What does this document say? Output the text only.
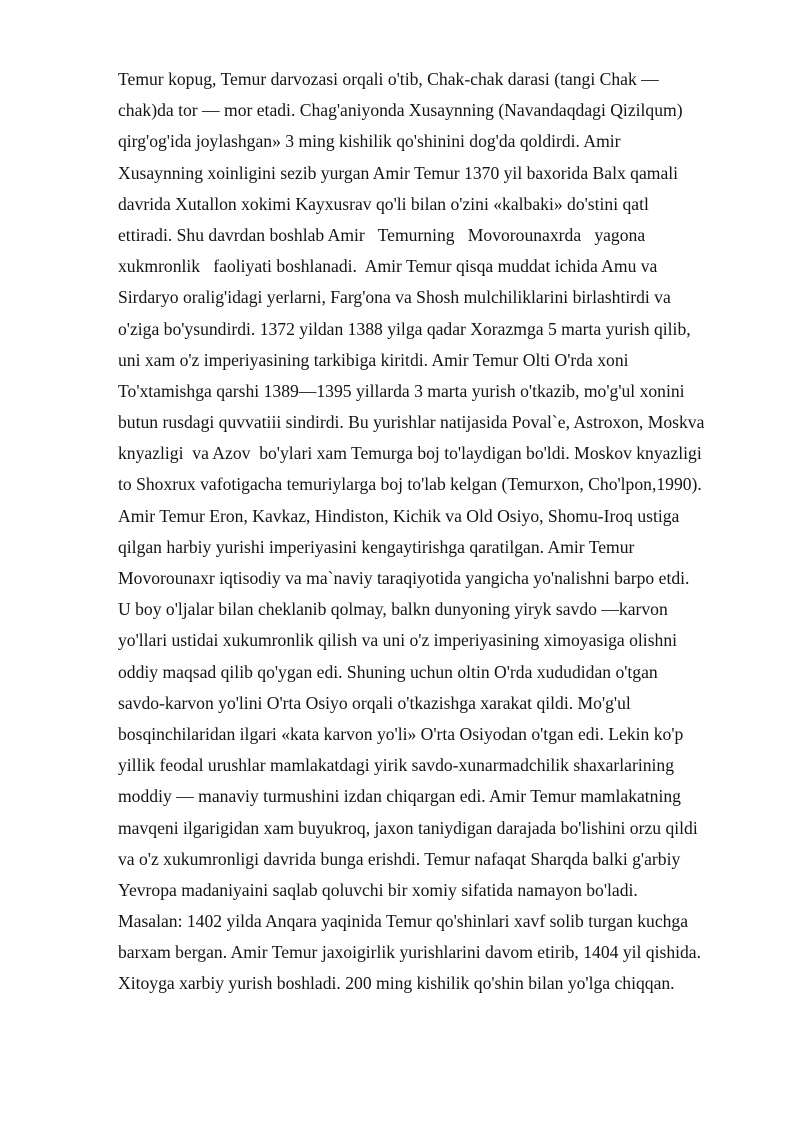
Temur kopug, Temur darvozasi orqali o'tib, Chak-chak darasi (tangi Chak —
chak)da tor — mor etadi. Chag'aniyonda Xusaynning (Navandaqdagi Qizilqum)
qirg'og'ida joylashgan» 3 ming kishilik qo'shinini dog'da qoldirdi. Amir
Xusaynning xoinligini sezib yurgan Amir Temur 1370 yil baxorida Balx qamali
davrida Xutallon xokimi Kayxusrav qo'li bilan o'zini «kalbaki» do'stini qatl
ettiradi. Shu davrdan boshlab Amir   Temurning   Movorounaxrda   yagona
xukmronlik   faoliyati boshlanadi.  Amir Temur qisqa muddat ichida Amu va
Sirdaryo oralig'idagi yerlarni, Farg'ona va Shosh mulchiliklarini birlashtirdi va
o'ziga bo'ysundirdi. 1372 yildan 1388 yilga qadar Xorazmga 5 marta yurish qilib,
uni xam o'z imperiyasining tarkibiga kiritdi. Amir Temur Olti O'rda xoni
To'xtamishga qarshi 1389—1395 yillarda 3 marta yurish o'tkazib, mo'g'ul xonini
butun rusdagi quvvatiii sindirdi. Bu yurishlar natijasida Poval`e, Astroxon, Moskva
knyazligi  va Azov  bo'ylari xam Temurga boj to'laydigan bo'ldi. Moskov knyazligi
to Shoxrux vafotigacha temuriylarga boj to'lab kelgan (Temurxon, Cho'lpon,1990).
Amir Temur Eron, Kavkaz, Hindiston, Kichik va Old Osiyo, Shomu-Iroq ustiga
qilgan harbiy yurishi imperiyasini kengaytirishga qaratilgan. Amir Temur
Movorounaxr iqtisodiy va ma`naviy taraqiyotida yangicha yo'nalishni barpo etdi.
U boy o'ljalar bilan cheklanib qolmay, balkn dunyoning yiryk savdo —karvon
yo'llari ustidai xukumronlik qilish va uni o'z imperiyasining ximoyasiga olishni
oddiy maqsad qilib qo'ygan edi. Shuning uchun oltin O'rda xududidan o'tgan
savdo-karvon yo'lini O'rta Osiyo orqali o'tkazishga xarakat qildi. Mo'g'ul
bosqinchilaridan ilgari «kata karvon yo'li» O'rta Osiyodan o'tgan edi. Lekin ko'p
yillik feodal urushlar mamlakatdagi yirik savdo-xunarmadchilik shaxarlarining
moddiy — manaviy turmushini izdan chiqargan edi. Amir Temur mamlakatning
mavqeni ilgarigidan xam buyukroq, jaxon taniydigan darajada bo'lishini orzu qildi
va o'z xukumronligi davrida bunga erishdi. Temur nafaqat Sharqda balki g'arbiy
Yevropa madaniyaini saqlab qoluvchi bir xomiy sifatida namayon bo'ladi.
Masalan: 1402 yilda Anqara yaqinida Temur qo'shinlari xavf solib turgan kuchga
barxam bergan. Amir Temur jaxoigirlik yurishlarini davom etirib, 1404 yil qishida.
Xitoyga xarbiy yurish boshladi. 200 ming kishilik qo'shin bilan yo'lga chiqqan.
